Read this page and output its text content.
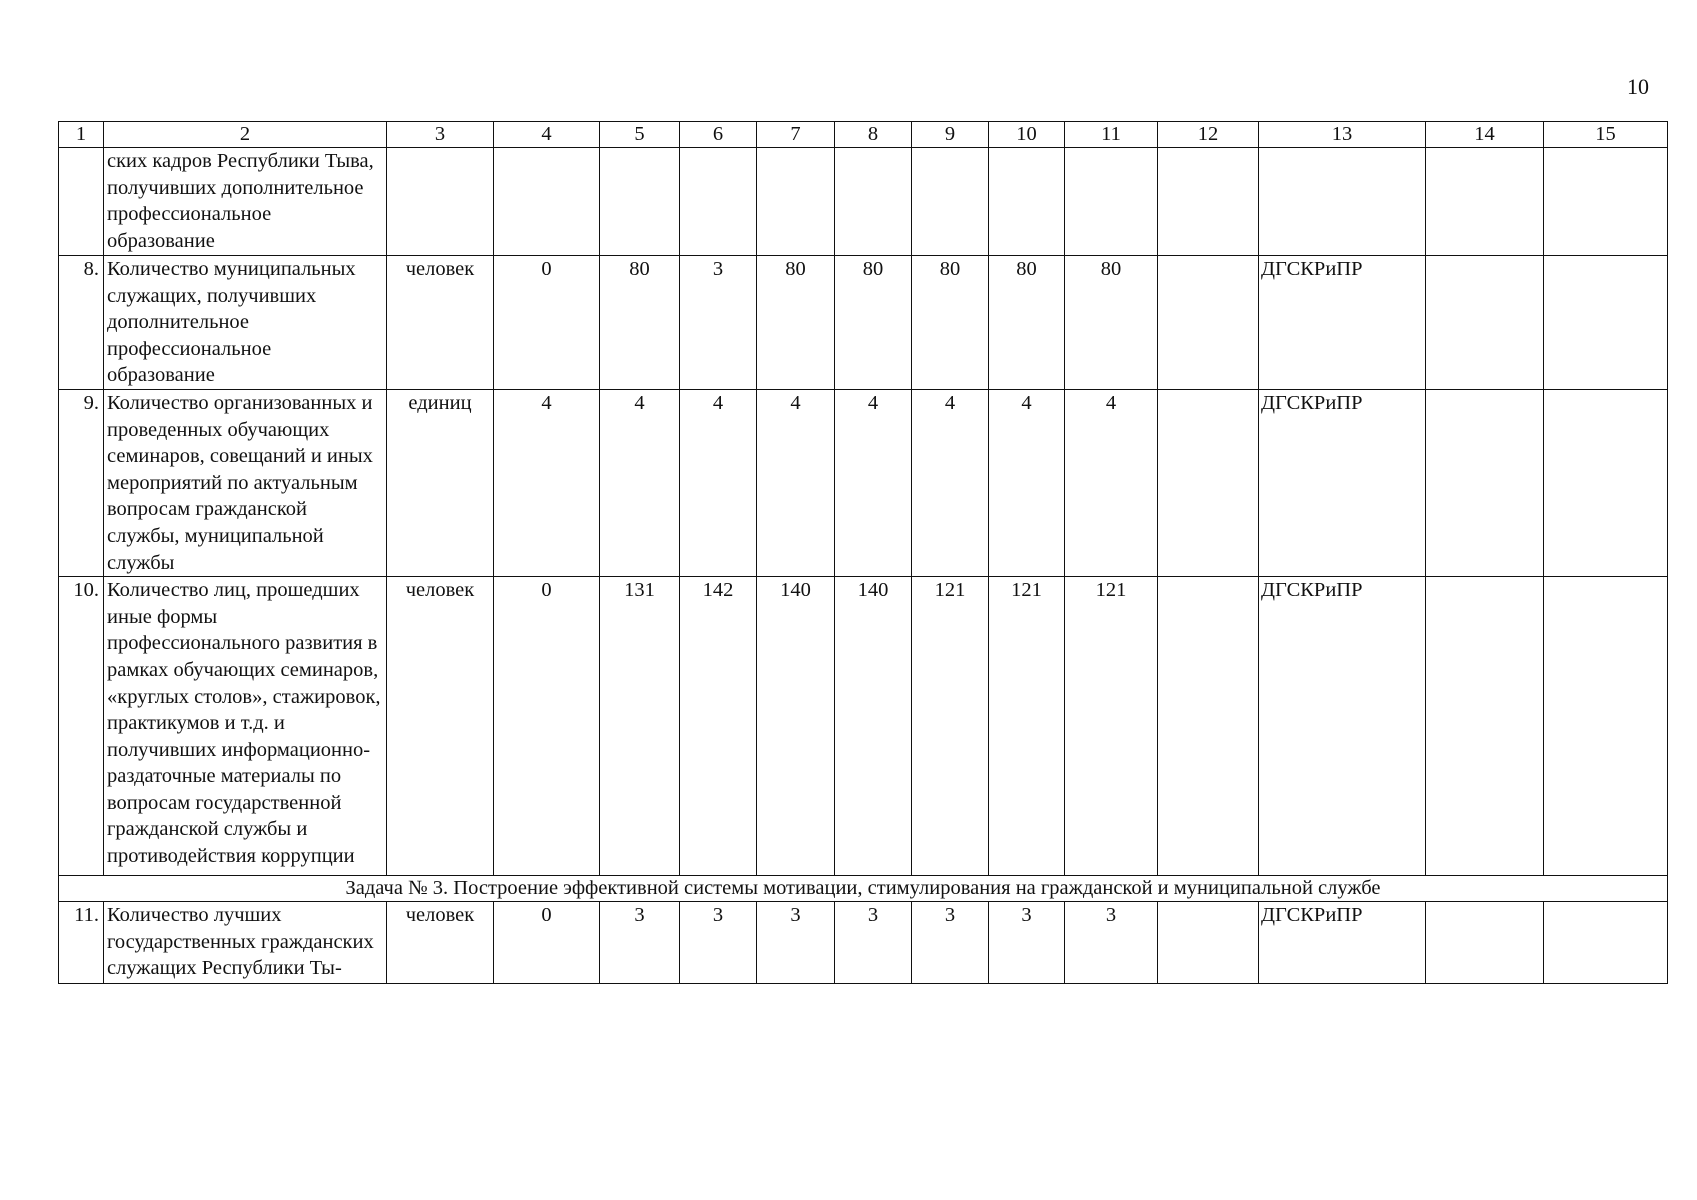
10
1	2	3	4	5	6	7	8	9	10	11	12	13	14	15
	ских кадров Республики Тыва, получивших дополнительное профессиональное образование													
8.	Количество муниципальных служащих, получивших дополнительное профессиональное образование	человек	0	80	3	80	80	80	80	80		ДГСКРиПР		
9.	Количество организованных и проведенных обучающих семинаров, совещаний и иных мероприятий по актуальным вопросам гражданской службы, муниципальной службы	единиц	4	4	4	4	4	4	4	4		ДГСКРиПР		
10.	Количество лиц, прошедших иные формы профессионального развития в рамках обучающих семинаров, «круглых столов», стажировок, практикумов и т.д. и получивших информационно-раздаточные материалы по вопросам государственной гражданской службы и противодействия коррупции	человек	0	131	142	140	140	121	121	121		ДГСКРиПР		
Задача № 3. Построение эффективной системы мотивации, стимулирования на гражданской и муниципальной службе														
11.	Количество лучших государственных гражданских служащих Республики Ты-	человек	0	3	3	3	3	3	3	3		ДГСКРиПР		
